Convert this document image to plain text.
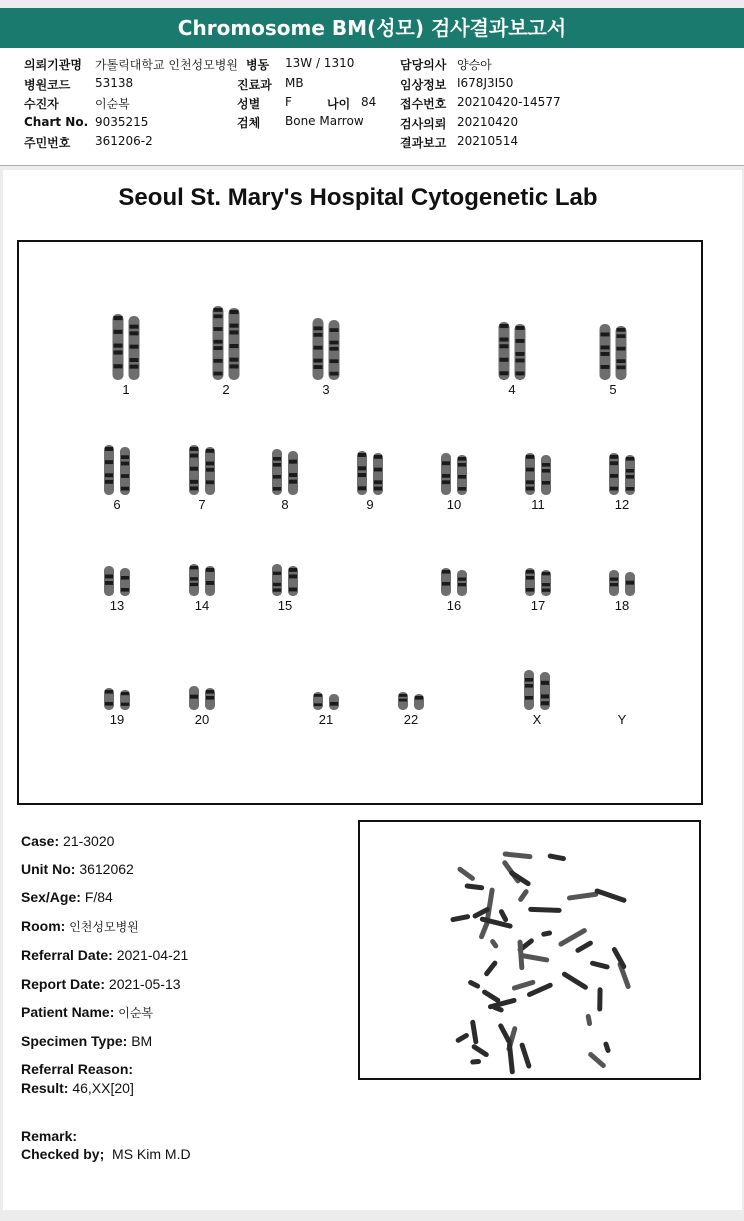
Chromosome BM(성모) 검사결과보고서
의뢰기관명 가톨릭대학교 인천성모병원 병동 13W / 1310	담당의사 양승아
병원코드 53138	진료과 MB	임상정보 I678J3I50
수진자	이순복	성별 F	나이 84 접수번호 20210420-14577
Chart No. 9035215	검체 Bone Marrow	검사의뢰 20210420
주민번호 361206-2	결과보고 20210514
Seoul St. Mary's Hospital Cytogenetic Lab
1	2	3	4	5
6	7	8	9	10	11	12
13	14	15	16	17	18
19	20	21	22	X	Y
Case: 21-3020
Unit No: 3612062
Sex/Age: F/84
Room: 인천성모병원
Referral Date: 2021-04-21
Report Date: 2021-05-13
Patient Name: 이순복
Specimen Type: BM
Referral Reason:
Result: 46,XX[20]
Remark:
Checked by; MS Kim M.D
